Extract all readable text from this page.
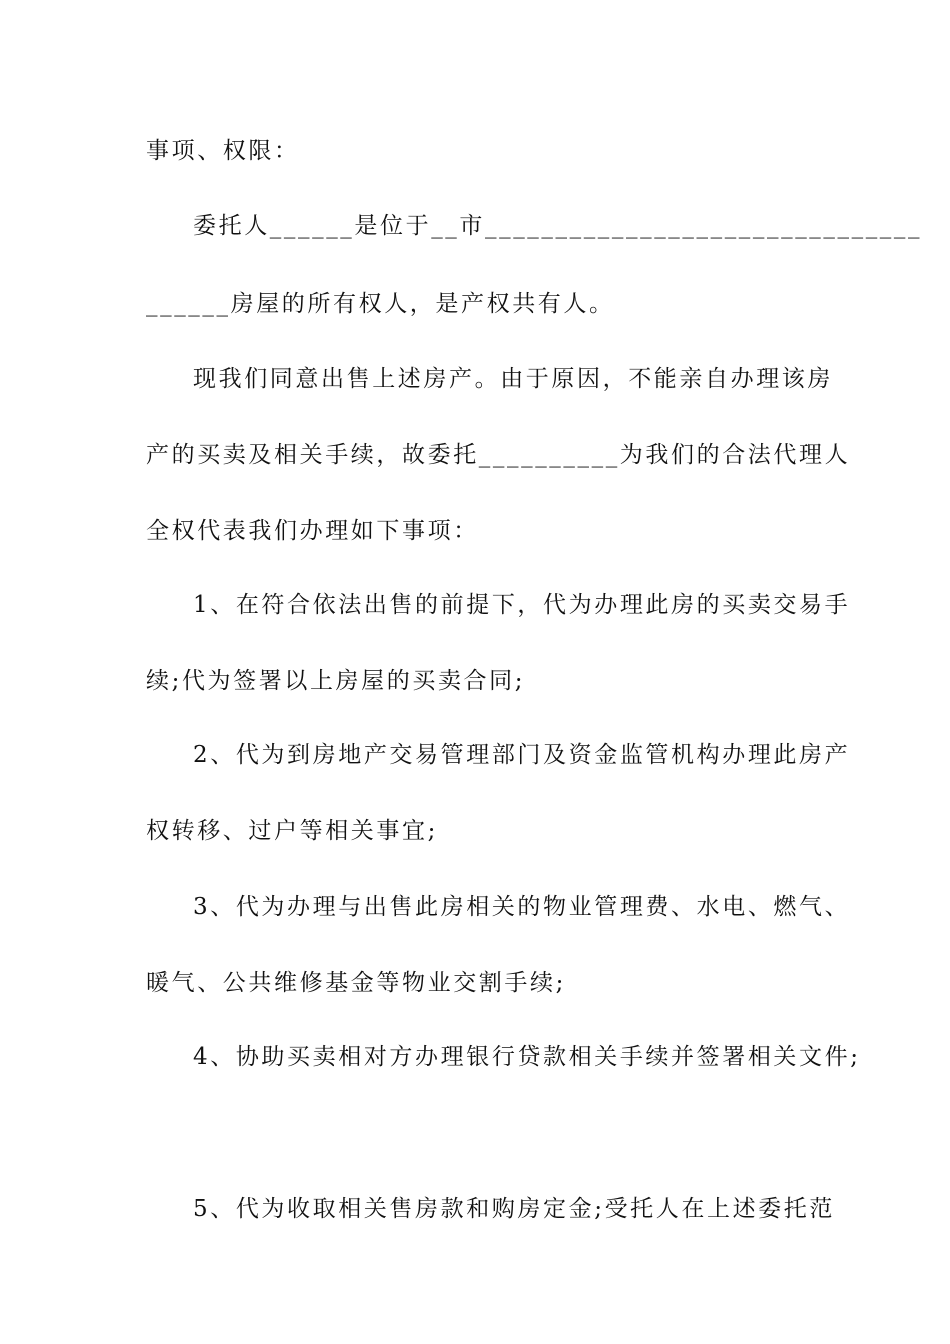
事项、权限：
委托人______是位于__市_______________________________
______房屋的所有权人，是产权共有人。
现我们同意出售上述房产。由于原因，不能亲自办理该房
产的买卖及相关手续，故委托__________为我们的合法代理人
全权代表我们办理如下事项：
1、在符合依法出售的前提下，代为办理此房的买卖交易手
续;代为签署以上房屋的买卖合同;
2、代为到房地产交易管理部门及资金监管机构办理此房产
权转移、过户等相关事宜;
3、代为办理与出售此房相关的物业管理费、水电、燃气、
暖气、公共维修基金等物业交割手续;
4、协助买卖相对方办理银行贷款相关手续并签署相关文件;
5、代为收取相关售房款和购房定金;受托人在上述委托范
